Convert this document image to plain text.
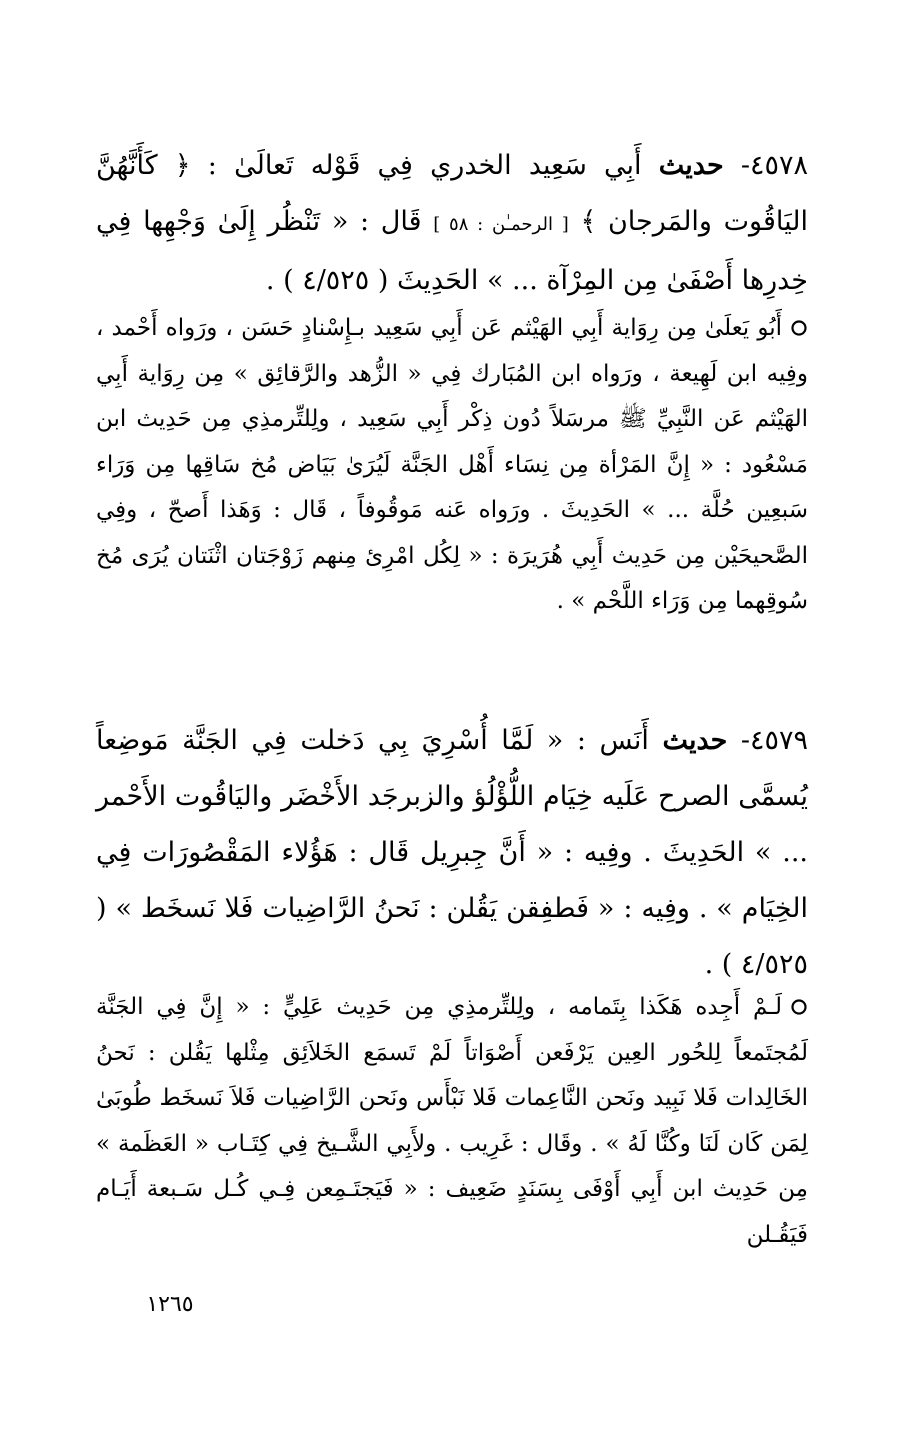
٤٥٧٨- حديث أَبِي سَعِيد الخدري فِي قَوْله تَعالَىٰ : ﴿ كَأَنَّهُنَّ اليَاقُوت والمَرجان ﴾ [ الرحمـٰن : ٥٨ ] قَال : « تَنْظُر إِلَىٰ وَجْهِها فِي خِدرِها أَصْفَىٰ مِن المِرْآة ... » الحَدِيثَ ( ٤/٥٢٥ ) .
أَبُو يَعلَىٰ مِن رِوَاية أَبِي الهَيْثم عَن أَبِي سَعِيد بـإِسْنادٍ حَسَن ، ورَواه أَحْمد ، وفِيه ابن لَهِيعة ، ورَواه ابن المُبَارك فِي « الزُّهد والرَّقائِق » مِن رِوَاية أَبِي الهَيْثم عَن النَّبِيِّ ﷺ مرسَلاً دُون ذِكْر أَبِي سَعِيد ، ولِلتِّرمذِي مِن حَدِيث ابن مَسْعُود : « إِنَّ المَرْأة مِن نِسَاء أَهْل الجَنَّة لَيُرَىٰ بَيَاض مُخ سَاقِها مِن وَرَاء سَبعِين حُلَّة ... » الحَدِيثَ . ورَواه عَنه مَوقُوفاً ، قَال : وَهَذا أَصحّ ، وفِي الصَّحيحَيْن مِن حَدِيث أَبِي هُرَيرَة : « لِكُل امْرِئ مِنهم زَوْجَتان اثْنَتان يُرَى مُخ سُوقِهما مِن وَرَاء اللَّحْم » .
٤٥٧٩- حديث أَنَس : « لَمَّا أُسْرِيَ بِي دَخلت فِي الجَنَّة مَوضِعاً يُسمَّى الصرح عَلَيه خِيَام اللُّؤْلُؤ والزبرجَد الأَخْضَر واليَاقُوت الأَحْمر ... » الحَدِيثَ . وفِيه : « أَنَّ جِبرِيل قَال : هَؤُلاء المَقْصُورَات فِي الخِيَام » . وفِيه : « فَطفِقن يَقُلن : نَحنُ الرَّاضِيات فَلا نَسخَط » ( ٤/٥٢٥ ) .
لَـمْ أَجِده هَكَذا بِتَمامه ، ولِلتِّرمذِي مِن حَدِيث عَلِيٍّ : « إِنَّ فِي الجَنَّة لَمُجتَمعاً لِلحُور العِين يَرْفَعن أَصْوَاتاً لَمْ تَسمَع الخَلاَئِق مِثْلها يَقُلن : نَحنُ الخَالِدات فَلا نَبِيد ونَحن النَّاعِمات فَلا نَبْأَس ونَحن الرَّاضِيات فَلاَ نَسخَط طُوبَىٰ لِمَن كَان لَنَا وكُنَّا لَهُ » . وقَال : غَرِيب . ولأَبِي الشَّـيخ فِي كِتَـاب « العَظَمة » مِن حَدِيث ابن أَبِي أَوْفَى بِسَنَدٍ ضَعِيف : « فَيَجتَـمِعن فِـي كُـل سَـبعة أَيَـام فَيَقُـلن
١٢٦٥
